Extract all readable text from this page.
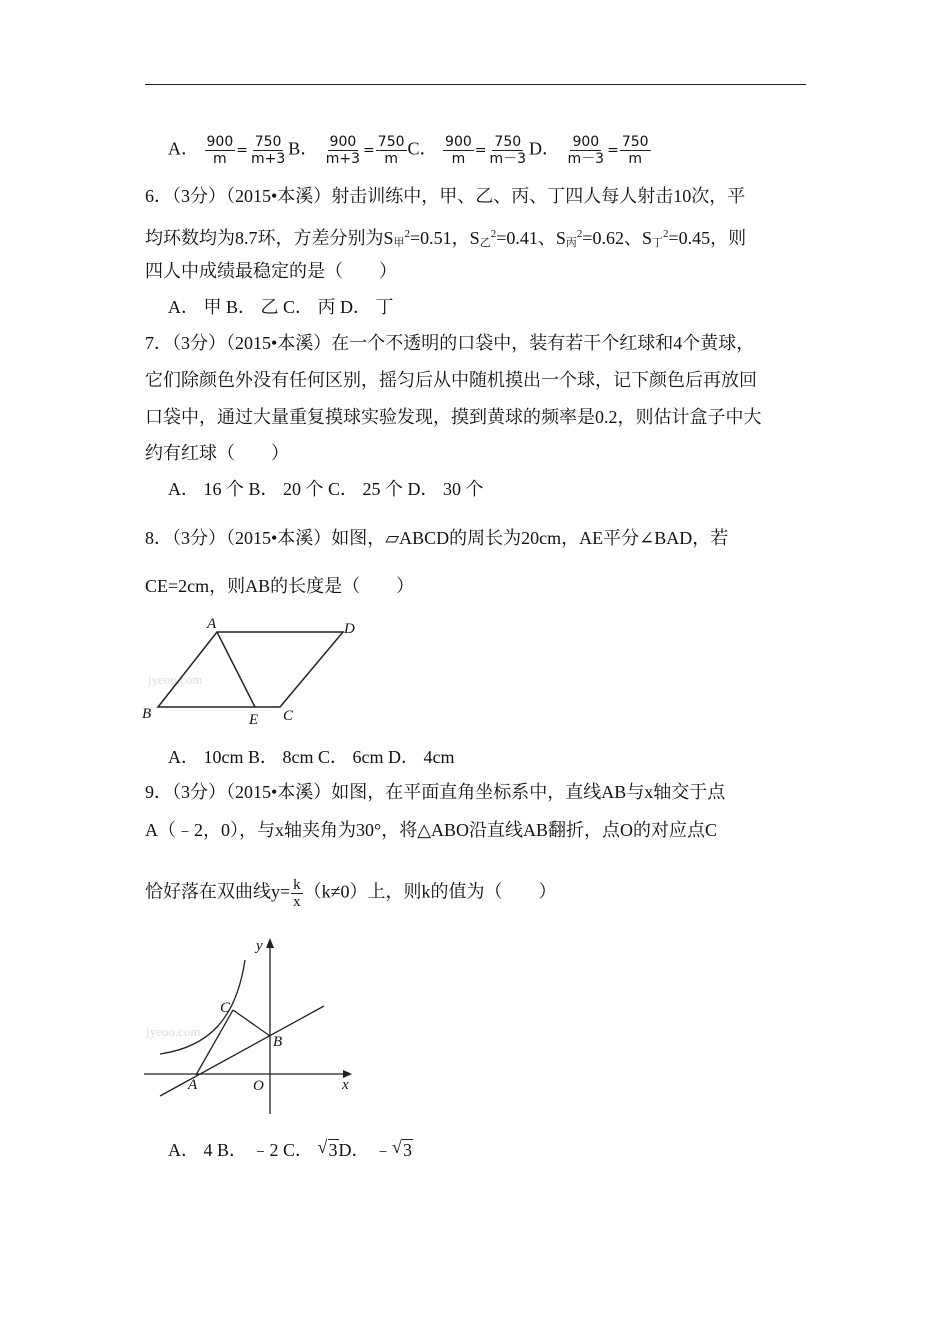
A． $\frac{900}{m} = \frac{750}{m+3}$ B． $\frac{900}{m+3} = \frac{750}{m}$ C． $\frac{900}{m} = \frac{750}{m-3}$ D． $\frac{900}{m-3} = \frac{750}{m}$
6．（3分）（2015•本溪）射击训练中，甲、乙、丙、丁四人每人射击10次，平
均环数均为8.7环，方差分别为S甲$^2$=0.51，S乙$^2$=0.41、S丙$^2$=0.62、S丁$^2$=0.45，则
四人中成绩最稳定的是（　　）
A． 甲 B． 乙 C． 丙 D． 丁
7．（3分）（2015•本溪）在一个不透明的口袋中，装有若干个红球和4个黄球，
它们除颜色外没有任何区别，摇匀后从中随机摸出一个球，记下颜色后再放回
口袋中，通过大量重复摸球实验发现，摸到黄球的频率是0.2，则估计盒子中大
约有红球（　　）
A． 16 个 B． 20 个 C． 25 个 D． 30 个
8．（3分）（2015•本溪）如图，▱ABCD的周长为20cm，AE平分∠BAD，若
CE=2cm，则AB的长度是（　　）
jyeoo.com
A	D
B	E C
A． 10cm B． 8cm C． 6cm D． 4cm
9．（3分）（2015•本溪）如图，在平面直角坐标系中，直线AB与x轴交于点
A（﹣2，0），与x轴夹角为30°，将△ABO沿直线AB翻折，点O的对应点C
恰好落在双曲线$y= \frac{k}{x} (k\ne 0)$上，则k的值为（　　）
jyeoo.com
y
C
B
A	O	x
A． 4 B． ﹣2 C． √ 3D． ﹣ √ 3
